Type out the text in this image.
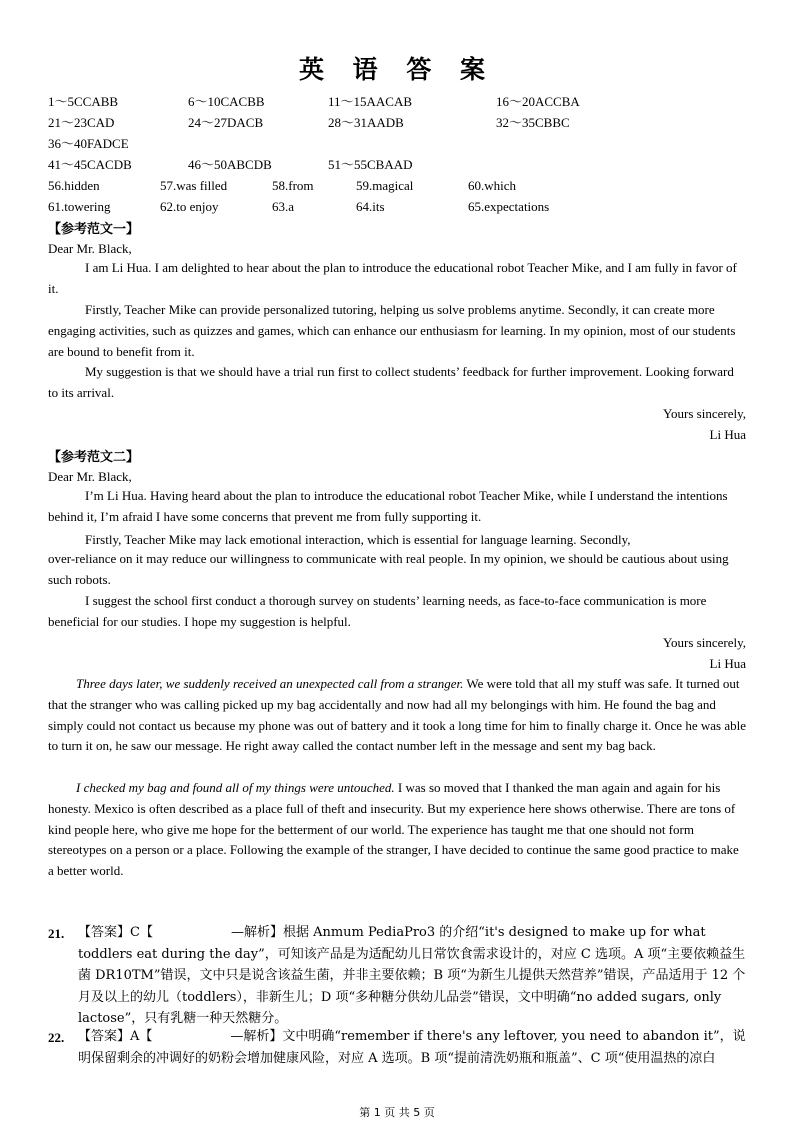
英 语 答 案
1～5CCABB	6～10CACBB	11～15AACAB	16～20ACCBA
21～23CAD	24～27DACB	28～31AADB	32～35CBBC
36～40FADCE
41～45CACDB	46～50ABCDB	51～55CBAAD
56.hidden	57.was filled	58.from	59.magical	60.which
61.towering	62.to enjoy	63.a	64.its	65.expectations
【参考范文一】
Dear Mr. Black,

I am Li Hua. I am delighted to hear about the plan to introduce the educational robot Teacher Mike, and I am fully in favor of it.

Firstly, Teacher Mike can provide personalized tutoring, helping us solve problems anytime. Secondly, it can create more engaging activities, such as quizzes and games, which can enhance our enthusiasm for learning. In my opinion, most of our students are bound to benefit from it.

My suggestion is that we should have a trial run first to collect students’ feedback for further improvement. Looking forward to its arrival.

Yours sincerely,
Li Hua
【参考范文二】
Dear Mr. Black,

I’m Li Hua. Having heard about the plan to introduce the educational robot Teacher Mike, while I understand the intentions behind it, I’m afraid I have some concerns that prevent me from fully supporting it.

Firstly, Teacher Mike may lack emotional interaction, which is essential for language learning. Secondly,

over-reliance on it may reduce our willingness to communicate with real people. In my opinion, we should be cautious about using such robots.

I suggest the school first conduct a thorough survey on students’ learning needs, as face-to-face communication is more beneficial for our studies. I hope my suggestion is helpful.

Yours sincerely,
Li Hua

Three days later, we suddenly received an unexpected call from a stranger. We were told that all my stuff was safe. It turned out that the stranger who was calling picked up my bag accidentally and now had all my belongings with him. He found the bag and simply could not contact us because my phone was out of battery and it took a long time for him to finally charge it. Once he was able to turn it on, he saw our message. He right away called the contact number left in the message and sent my bag back.

I checked my bag and found all of my things were untouched. I was so moved that I thanked the man again and again for his honesty. Mexico is often described as a place full of theft and insecurity. But my experience here shows otherwise. There are tons of kind people here, who give me hope for the betterment of our world. The experience has taught me that one should not form stereotypes on a person or a place. Following the example of the stranger, I have decided to continue the same good practice to make a better world.

21. 【答案】C【　　　　　　—解析】根据 Anmum PediaPro3 的介绍“it's designed to make up for what toddlers eat during the day”，可知该产品是为适配幼儿日常饮食需求设计的，对应 C 选项。A 项“主要依赖益生菌 DR10TM”错误，文中只是说含该益生菌，并非主要依赖；B 项“为新生儿提供天然营养”错误，产品适用于 12 个月及以上的幼儿（toddlers），非新生儿；D 项“多种糖分供幼儿品尝”错误，文中明确“no added sugars, only lactose”，只有乳糖一种天然糖分。

22. 【答案】A【　　　　　　—解析】文中明确“remember if there's any leftover, you need to abandon it”，说明保留剩余的冲调好的奶粉会增加健康风险，对应 A 选项。B 项“提前清洗奶瓶和瓶盖”、C 项“使用温热的凉白

第 1 页 共 5 页
